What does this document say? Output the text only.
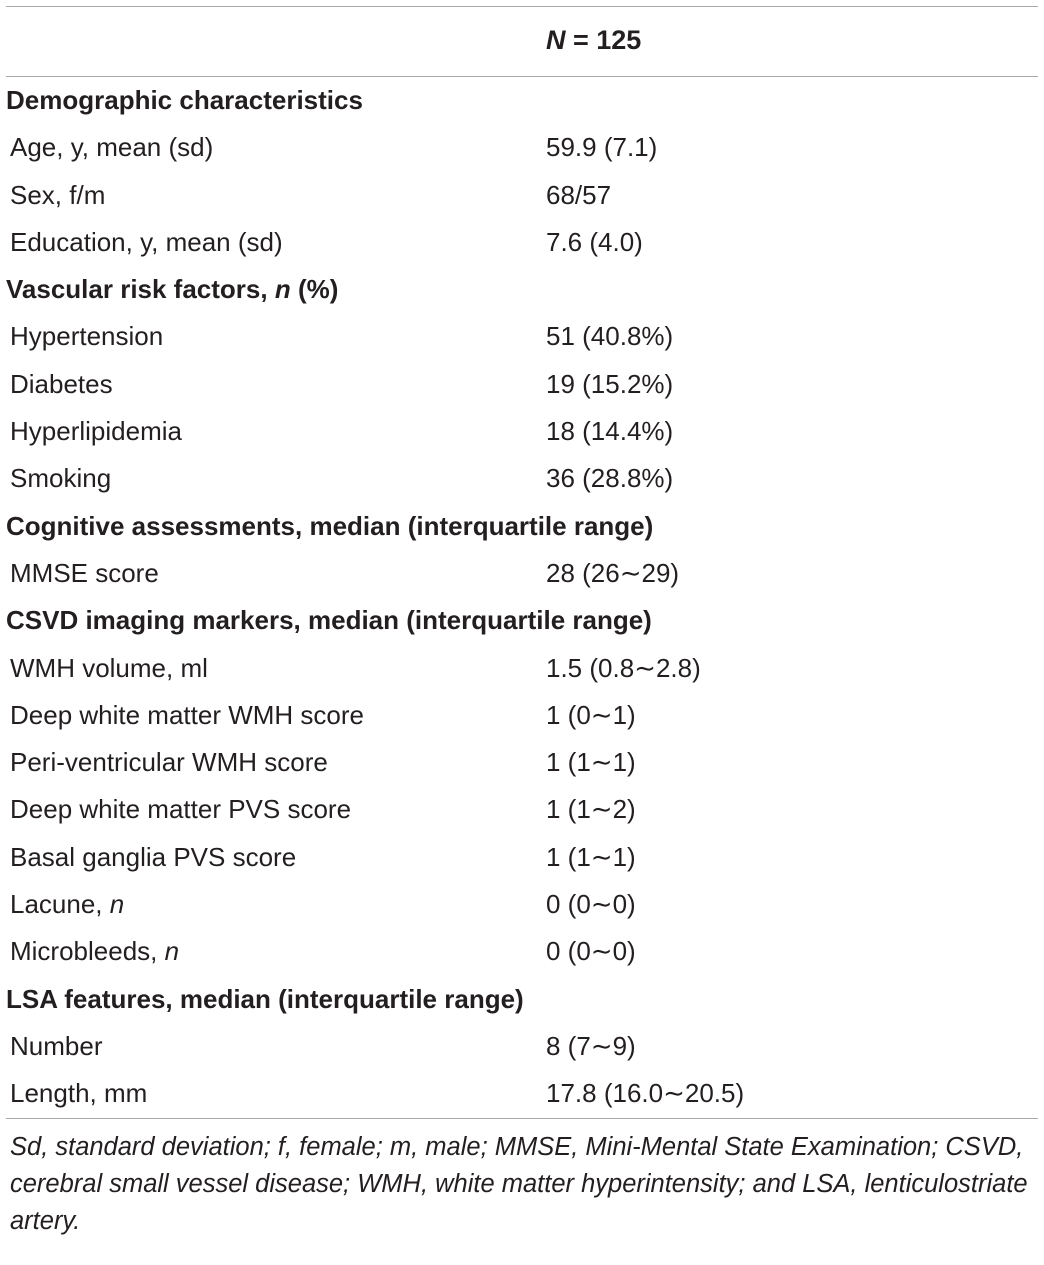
N = 125
Demographic characteristics
Age, y, mean (sd)	59.9 (7.1)
Sex, f/m	68/57
Education, y, mean (sd)	7.6 (4.0)
Vascular risk factors, n (%)
Hypertension	51 (40.8%)
Diabetes	19 (15.2%)
Hyperlipidemia	18 (14.4%)
Smoking	36 (28.8%)
Cognitive assessments, median (interquartile range)
MMSE score	28 (26∼29)
CSVD imaging markers, median (interquartile range)
WMH volume, ml	1.5 (0.8∼2.8)
Deep white matter WMH score	1 (0∼1)
Peri-ventricular WMH score	1 (1∼1)
Deep white matter PVS score	1 (1∼2)
Basal ganglia PVS score	1 (1∼1)
Lacune, n	0 (0∼0)
Microbleeds, n	0 (0∼0)
LSA features, median (interquartile range)
Number	8 (7∼9)
Length, mm	17.8 (16.0∼20.5)
Sd, standard deviation; f, female; m, male; MMSE, Mini-Mental State Examination; CSVD, cerebral small vessel disease; WMH, white matter hyperintensity; and LSA, lenticulostriate artery.
